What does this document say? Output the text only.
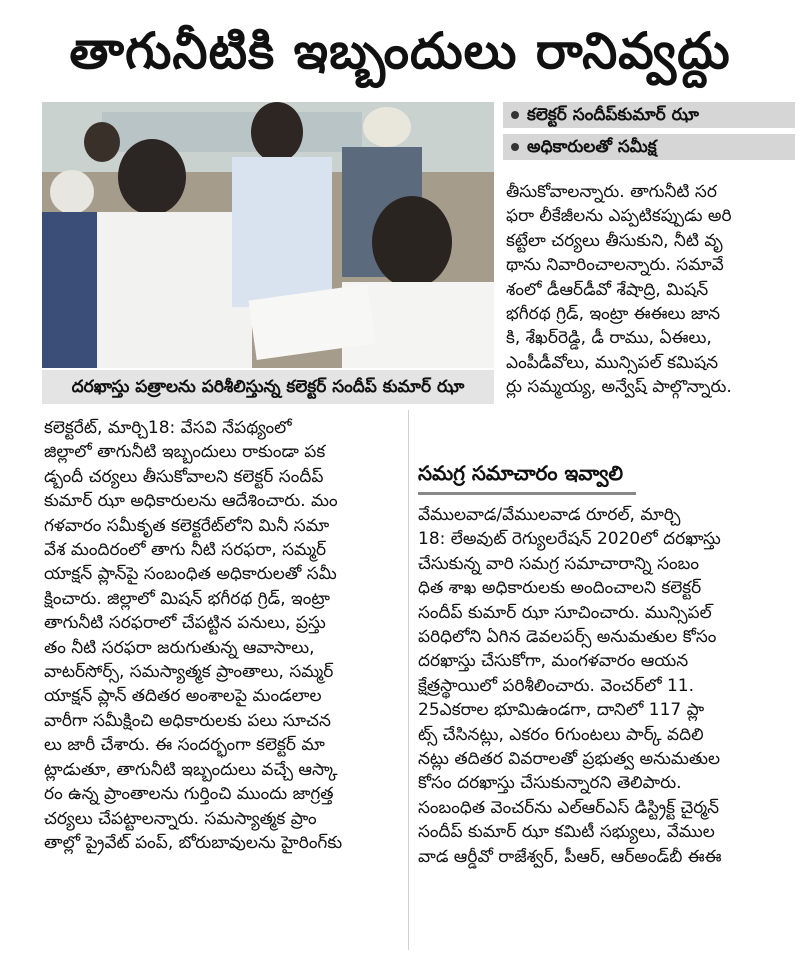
తాగునీటికి ఇబ్బందులు రానివ్వద్దు
దరఖాస్తు పత్రాలను పరిశీలిస్తున్న కలెక్టర్‌ సందీప్‌ కుమార్‌ ఝా
కలెక్టర్‌ సందీప్‌కుమార్‌ ఝా
అధికారులతో సమీక్ష

తీసుకోవాలన్నారు. తాగునీటి సర

ఫరా లీకేజీలను ఎప్పటికప్పుడు అరి

కట్టేలా చర్యలు తీసుకుని, నీటి వృ

థాను నివారించాలన్నారు. సమావే

శంలో డీఆర్‌డీవో శేషాద్రి, మిషన్‌

భగీరథ గ్రిడ్‌, ఇంట్రా ఈఈలు జాన

కి, శేఖర్‌రెడ్డి, డీ రాము, ఏఈలు,

ఎంపీడీవోలు, మున్సిపల్‌ కమిషన

ర్లు సమ్మయ్య, అన్వేష్‌ పాల్గొన్నారు.

కలెక్టరేట్‌, మార్చి18: వేసవి నేపథ్యంలో

జిల్లాలో తాగునీటి ఇబ్బందులు రాకుండా పక

డ్బందీ చర్యలు తీసుకోవాలని కలెక్టర్‌ సందీప్‌

కుమార్‌ ఝా అధికారులను ఆదేశించారు. మం

గళవారం సమీకృత కలెక్టరేట్‌లోని మినీ సమా

వేశ మందిరంలో తాగు నీటి సరఫరా, సమ్మర్‌

యాక్షన్‌ ప్లాన్‌పై సంబంధిత అధికారులతో సమీ

క్షించారు. జిల్లాలో మిషన్‌ భగీరథ గ్రిడ్‌, ఇంట్రా

తాగునీటి సరఫరాలో చేపట్టిన పనులు, ప్రస్తు

తం నీటి సరఫరా జరుగుతున్న ఆవాసాలు,

వాటర్‌సోర్స్‌, సమస్యాత్మక ప్రాంతాలు, సమ్మర్‌

యాక్షన్‌ ప్లాన్‌ తదితర అంశాలపై మండలాల

వారీగా సమీక్షించి అధికారులకు పలు సూచన

లు జారీ చేశారు. ఈ సందర్భంగా కలెక్టర్‌ మా

ట్లాడుతూ, తాగునీటి ఇబ్బందులు వచ్చే ఆస్కా

రం ఉన్న ప్రాంతాలను గుర్తించి ముందు జాగ్రత్త

చర్యలు చేపట్టాలన్నారు. సమస్యాత్మక ప్రాం

తాల్లో ప్రైవేట్‌ పంప్‌, బోరుబావులను హైరింగ్‌కు

సమగ్ర సమాచారం ఇవ్వాలి

వేములవాడ/వేములవాడ రూరల్‌, మార్చి

18: లేఅవుట్‌ రెగ్యులరేషన్‌ 2020లో దరఖాస్తు

చేసుకున్న వారి సమగ్ర సమాచారాన్ని సంబం

ధిత శాఖ అధికారులకు అందించాలని కలెక్టర్‌

సందీప్‌ కుమార్‌ ఝా సూచించారు. మున్సిపల్‌

పరిధిలోని ఏగిన డెవలపర్స్‌ అనుమతుల కోసం

దరఖాస్తు చేసుకోగా, మంగళవారం ఆయన

క్షేత్రస్థాయిలో పరిశీలించారు. వెంచర్‌లో 11.

25ఎకరాల భూమిఉండగా, దానిలో 117 ప్లా

ట్స్‌ చేసినట్లు, ఎకరం 6గుంటలు పార్క్‌ వదిలి

నట్లు తదితర వివరాలతో ప్రభుత్వ అనుమతుల

కోసం దరఖాస్తు చేసుకున్నారని తెలిపారు.

సంబంధిత వెంచర్‌ను ఎల్‌ఆర్‌ఎస్‌ డిస్ట్రిక్ట్‌ చైర్మన్‌

సందీప్‌ కుమార్‌ ఝా కమిటీ సభ్యులు, వేముల

వాడ ఆర్డీవో రాజేశ్వర్‌, పీఆర్‌, ఆర్‌అండ్‌బీ ఈఈ
